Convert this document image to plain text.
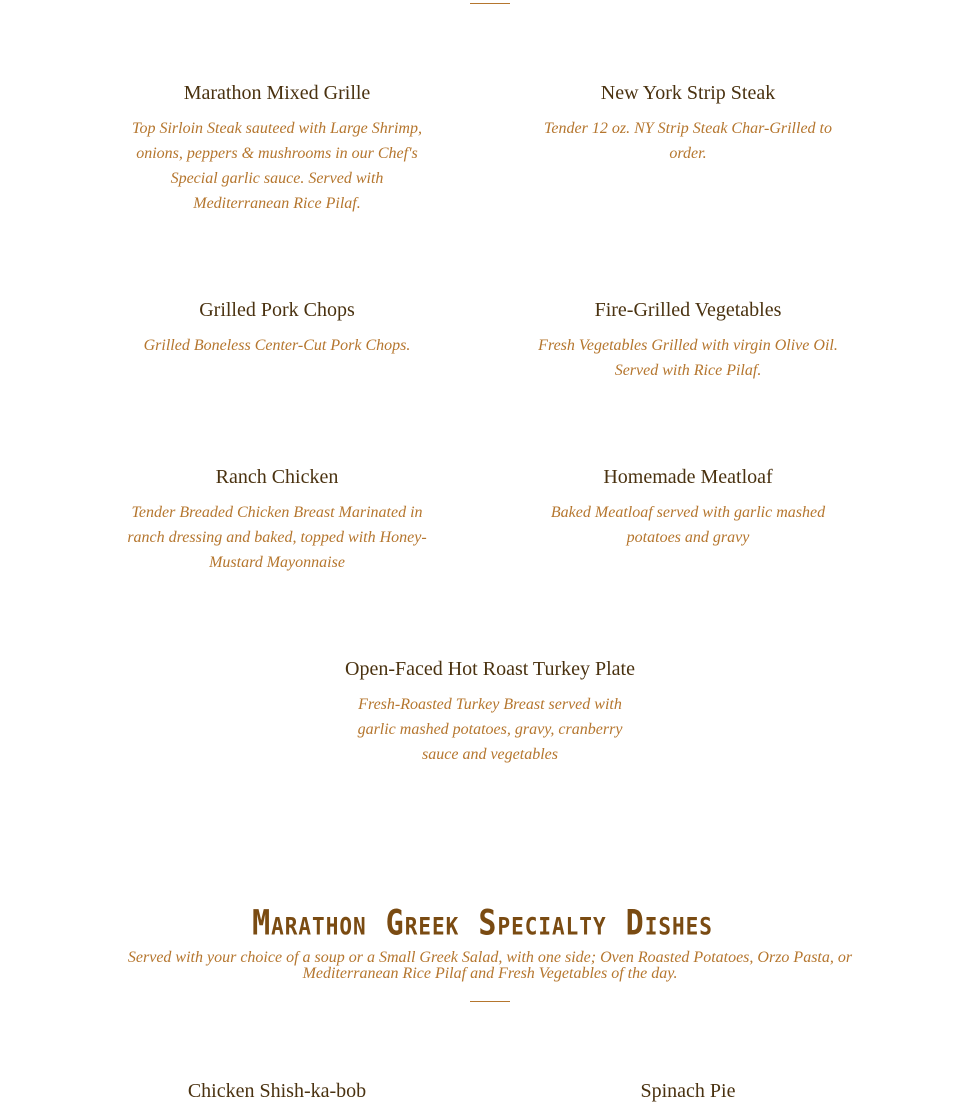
Marathon Mixed Grille

Top Sirloin Steak sauteed with Large Shrimp, onions, peppers & mushrooms in our Chef's Special garlic sauce. Served with Mediterranean Rice Pilaf.

New York Strip Steak

Tender 12 oz. NY Strip Steak Char-Grilled to order.

Grilled Pork Chops

Grilled Boneless Center-Cut Pork Chops.

Fire-Grilled Vegetables

Fresh Vegetables Grilled with virgin Olive Oil. Served with Rice Pilaf.

Ranch Chicken

Tender Breaded Chicken Breast Marinated in ranch dressing and baked, topped with Honey-Mustard Mayonnaise

Homemade Meatloaf

Baked Meatloaf served with garlic mashed potatoes and gravy

Open-Faced Hot Roast Turkey Plate

Fresh-Roasted Turkey Breast served with garlic mashed potatoes, gravy, cranberry sauce and vegetables

Marathon Greek Specialty Dishes

Served with your choice of a soup or a Small Greek Salad, with one side; Oven Roasted Potatoes, Orzo Pasta, or Mediterranean Rice Pilaf and Fresh Vegetables of the day.

Chicken Shish-ka-bob	Spinach Pie
